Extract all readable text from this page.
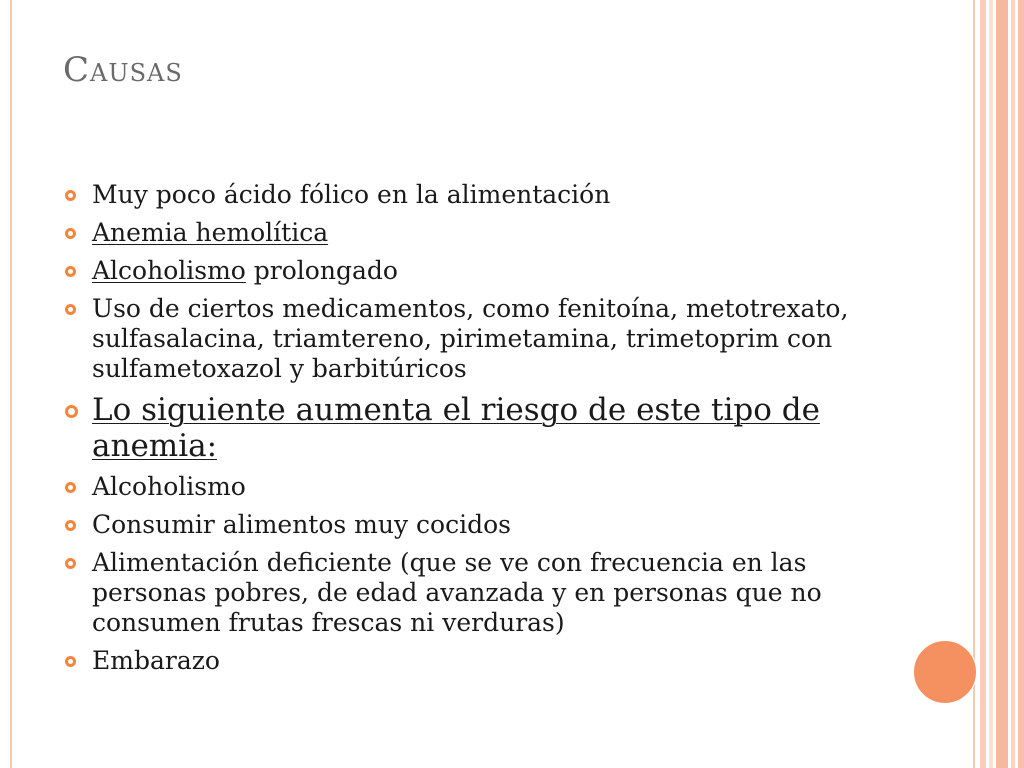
Causas
Muy poco ácido fólico en la alimentación
Anemia hemolítica
Alcoholismo prolongado
Uso de ciertos medicamentos, como fenitoína, metotrexato, sulfasalacina, triamtereno, pirimetamina, trimetoprim con sulfametoxazol y barbitúricos
Lo siguiente aumenta el riesgo de este tipo de anemia:
Alcoholismo
Consumir alimentos muy cocidos
Alimentación deficiente (que se ve con frecuencia en las personas pobres, de edad avanzada y en personas que no consumen frutas frescas ni verduras)
Embarazo
